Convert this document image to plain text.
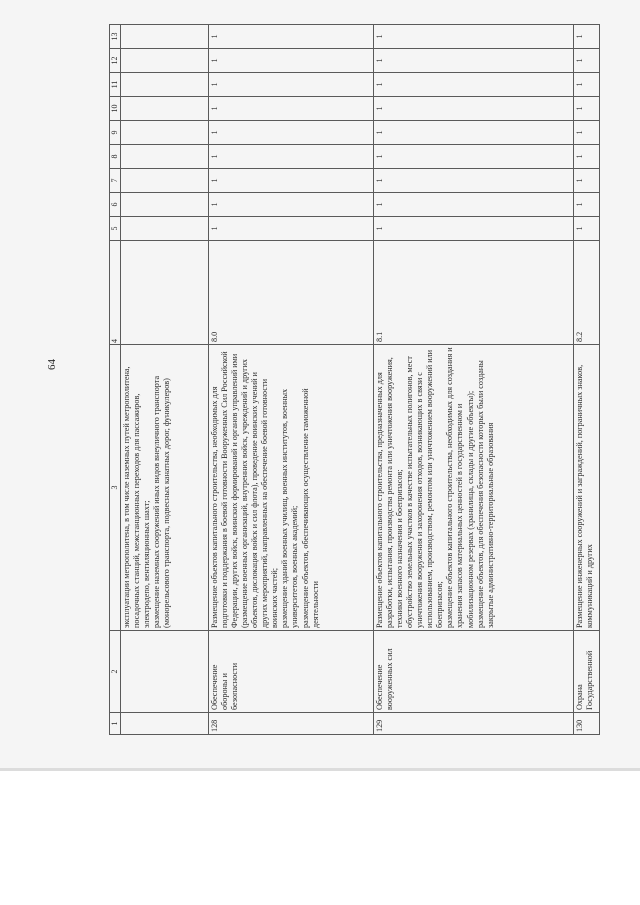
64
1	2	3	4	5	6	7	8	9	10	11	12	13

		эксплуатации метрополитена, в том числе наземных путей метрополитена, посадочных станций, межстанционных переходов для пассажиров, электродепо, вентиляционных шахт; размещение наземных сооружений иных видов внеуличного транспорта (монорельсового транспорта, подвесных канатных дорог, фуникулеров)										

128	Обеспечение обороны и безопасности	Размещение объектов капитального строительства, необходимых для подготовки и поддержания в боевой готовности Вооруженных Сил Российской Федерации, других войск, воинских формирований и органов управлений ими (размещение военных организаций, внутренних войск, учреждений и других объектов, дислокация войск и сил флота), проведение воинских учений и других мероприятий, направленных на обеспечение боевой готовности воинских частей; размещение зданий военных училищ, военных институтов, военных университетов, военных академий; размещение объектов, обеспечивающих осуществление таможенной деятельности	8.0	1	1	1	1	1	1	1	1	1
129	Обеспечение вооруженных сил	Размещение объектов капитального строительства, предназначенных для разработки, испытания, производства ремонта или уничтожения вооружения, техники военного назначения и боеприпасов; обустройство земельных участков в качестве испытательных полигонов, мест уничтожения вооружения и захоронения отходов, возникающих в связи с использованием, производством, ремонтом или уничтожением вооружений или боеприпасов; размещение объектов капитального строительства, необходимых для создания и хранения запасов материальных ценностей в государственном и мобилизационном резервах (хранилища, склады и другие объекты); размещение объектов, для обеспечения безопасности которых были созданы закрытые административно-территориальные образования	8.1	1	1	1	1	1	1	1	1	1
130	Охрана Государственной	Размещение инженерных сооружений и заграждений, пограничных знаков, коммуникаций и других	8.2	1	1	1	1	1	1	1	1	1
